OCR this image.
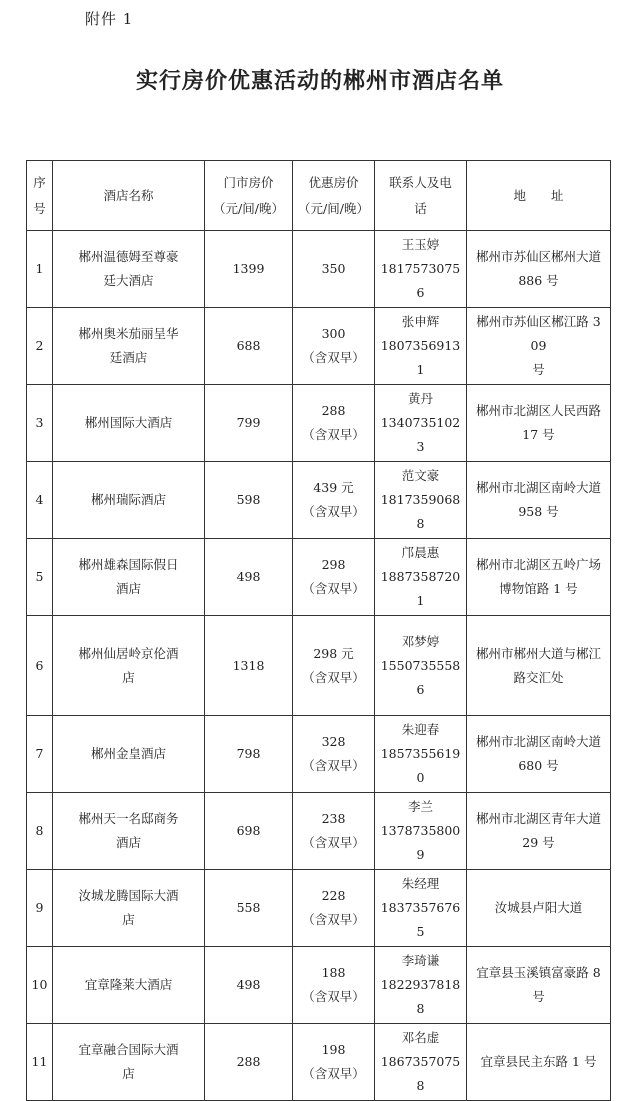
附件 1
实行房价优惠活动的郴州市酒店名单
序
号	酒店名称	门市房价
（元/间/晚）	优惠房价
（元/间/晚）	联系人及电
话	地　　址
1	郴州温德姆至尊豪
廷大酒店	1399	350	王玉婷
18175730756	郴州市苏仙区郴州大道
886 号

2	郴州奥米茄丽呈华
廷酒店	688	300
（含双早）	张申辉
18073569131	郴州市苏仙区郴江路 309
号

3	郴州国际大酒店	799	288
（含双早）	黄丹
13407351023	郴州市北湖区人民西路
17 号

4	郴州瑞际酒店	598	439 元
（含双早）	范文豪
18173590688	郴州市北湖区南岭大道
958 号

5	郴州雄森国际假日
酒店	498	298
（含双早）	邝晨惠
18873587201	郴州市北湖区五岭广场
博物馆路 1 号

6	郴州仙居岭京伦酒
店	1318	298 元
（含双早）	邓梦婷
15507355586	郴州市郴州大道与郴江
路交汇处

7	郴州金皇酒店	798	328
（含双早）	朱迎春
18573556190	郴州市北湖区南岭大道
680 号

8	郴州天一名邸商务
酒店	698	238
（含双早）	李兰
13787358009	郴州市北湖区青年大道
29 号

9	汝城龙腾国际大酒
店	558	228
（含双早）	朱经理
18373576765	汝城县卢阳大道

10	宜章隆莱大酒店	498	188
（含双早）	李琦谦
18229378188	宜章县玉溪镇富豪路 8
号

11	宜章融合国际大酒
店	288	198
（含双早）	邓名虚
18673570758	宜章县民主东路 1 号
